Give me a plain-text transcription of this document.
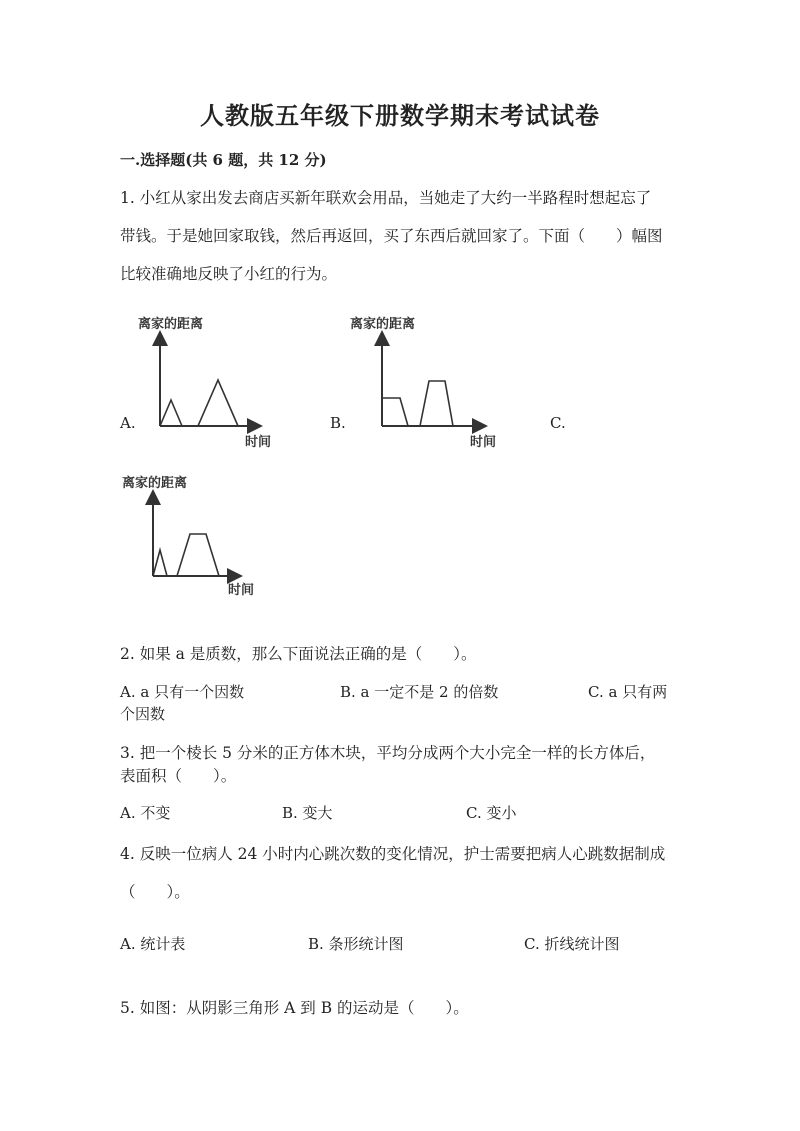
人教版五年级下册数学期末考试试卷
一.选择题(共 6 题，共 12 分)
1. 小红从家出发去商店买新年联欢会用品，当她走了大约一半路程时想起忘了
带钱。于是她回家取钱，然后再返回，买了东西后就回家了。下面（　　）幅图
比较准确地反映了小红的行为。
A.	B.	C.
离家的距离
时间
离家的距离
时间
离家的距离
时间
2. 如果 a 是质数，那么下面说法正确的是（　　）。
A. a 只有一个因数	B. a 一定不是 2 的倍数	C. a 只有两
个因数
3. 把一个棱长 5 分米的正方体木块，平均分成两个大小完全一样的长方体后，
表面积（　　）。
A. 不变	B. 变大	C. 变小
4. 反映一位病人 24 小时内心跳次数的变化情况，护士需要把病人心跳数据制成
（　　）。
A. 统计表	B. 条形统计图	C. 折线统计图
5. 如图：从阴影三角形 A 到 B 的运动是（　　）。
